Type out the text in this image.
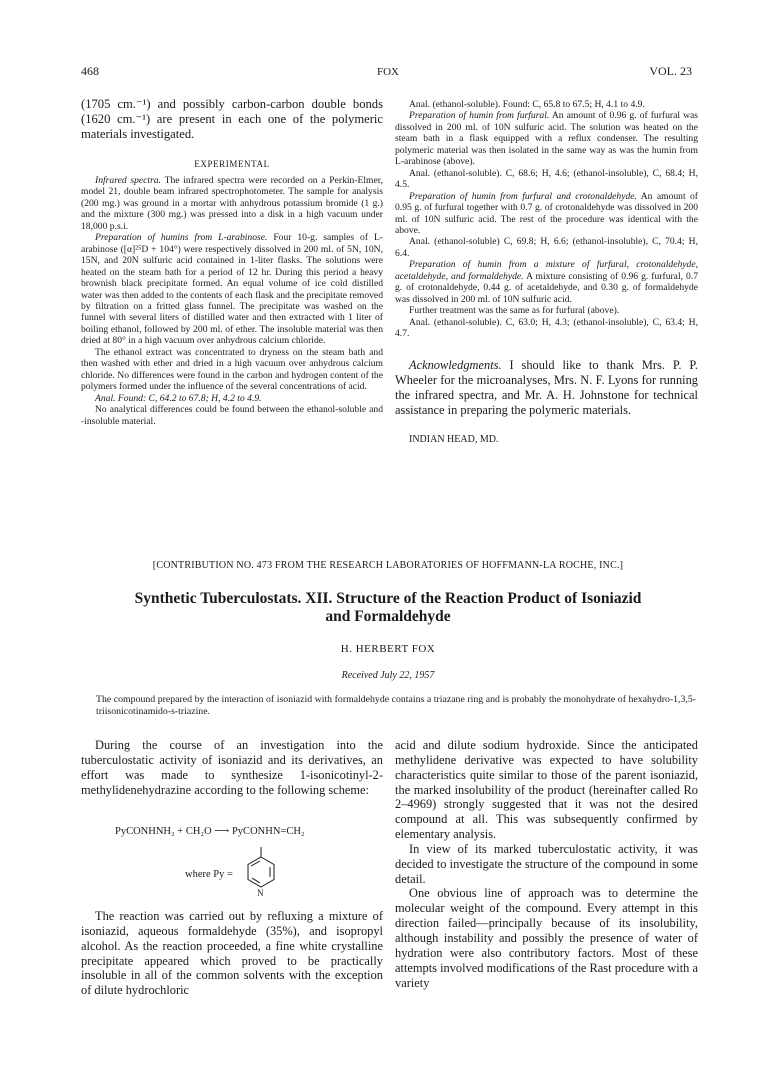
468	FOX	VOL. 23

(1705 cm.⁻¹) and possibly carbon-carbon double bonds (1620 cm.⁻¹) are present in each one of the polymeric materials investigated.

EXPERIMENTAL

Infrared spectra. The infrared spectra were recorded on a Perkin-Elmer, model 21, double beam infrared spectrophotometer. The sample for analysis (200 mg.) was ground in a mortar with anhydrous potassium bromide (1 g.) and the mixture (300 mg.) was pressed into a disk in a high vacuum under 18,000 p.s.i.

Preparation of humins from L-arabinose. Four 10-g. samples of L-arabinose ([α]²⁵D + 104°) were respectively dissolved in 200 ml. of 5N, 10N, 15N, and 20N sulfuric acid contained in 1-liter flasks. The solutions were heated on the steam bath for a period of 12 hr. During this period a heavy brownish black precipitate formed. An equal volume of ice cold distilled water was then added to the contents of each flask and the precipitate removed by filtration on a fritted glass funnel. The precipitate was washed on the funnel with several liters of distilled water and then extracted with 1 liter of boiling ethanol, followed by 200 ml. of ether. The insoluble material was then dried at 80° in a high vacuum over anhydrous calcium chloride.

The ethanol extract was concentrated to dryness on the steam bath and then washed with ether and dried in a high vacuum over anhydrous calcium chloride. No differences were found in the carbon and hydrogen content of the polymers formed under the influence of the several concentrations of acid.

Anal. Found: C, 64.2 to 67.8; H, 4.2 to 4.9.

No analytical differences could be found between the ethanol-soluble and -insoluble material.

Anal. (ethanol-soluble). Found: C, 65.8 to 67.5; H, 4.1 to 4.9.

Preparation of humin from furfural. An amount of 0.96 g. of furfural was dissolved in 200 ml. of 10N sulfuric acid. The solution was heated on the steam bath in a flask equipped with a reflux condenser. The resulting polymeric material was then isolated in the same way as was the humin from L-arabinose (above).

Anal. (ethanol-soluble). C, 68.6; H, 4.6; (ethanol-insoluble), C, 68.4; H, 4.5.

Preparation of humin from furfural and crotonaldehyde. An amount of 0.95 g. of furfural together with 0.7 g. of crotonaldehyde was dissolved in 200 ml. of 10N sulfuric acid. The rest of the procedure was identical with the above.

Anal. (ethanol-soluble) C, 69.8; H, 6.6; (ethanol-insoluble), C, 70.4; H, 6.4.

Preparation of humin from a mixture of furfural, crotonaldehyde, acetaldehyde, and formaldehyde. A mixture consisting of 0.96 g. furfural, 0.7 g. of crotonaldehyde, 0.44 g. of acetaldehyde, and 0.30 g. of formaldehyde was dissolved in 200 ml. of 10N sulfuric acid.

Further treatment was the same as for furfural (above).

Anal. (ethanol-soluble). C, 63.0; H, 4.3; (ethanol-insoluble), C, 63.4; H, 4.7.

Acknowledgments. I should like to thank Mrs. P. P. Wheeler for the microanalyses, Mrs. N. F. Lyons for running the infrared spectra, and Mr. A. H. Johnstone for technical assistance in preparing the polymeric materials.

INDIAN HEAD, MD.

[CONTRIBUTION NO. 473 FROM THE RESEARCH LABORATORIES OF HOFFMANN-LA ROCHE, INC.]
Synthetic Tuberculostats. XII. Structure of the Reaction Product of Isoniazid
and Formaldehyde
H. HERBERT FOX
Received July 22, 1957
The compound prepared by the interaction of isoniazid with formaldehyde contains a triazane ring and is probably the monohydrate of hexahydro-1,3,5-triisonicotinamido-s-triazine.

During the course of an investigation into the tuberculostatic activity of isoniazid and its derivatives, an effort was made to synthesize 1-isonicotinyl-2-methylidenehydrazine according to the following scheme:

PyCONHNH₂ + CH₂O ⟶ PyCONHN=CH₂
where Py =
N

The reaction was carried out by refluxing a mixture of isoniazid, aqueous formaldehyde (35%), and isopropyl alcohol. As the reaction proceeded, a fine white crystalline precipitate appeared which proved to be practically insoluble in all of the common solvents with the exception of dilute hydrochloric

acid and dilute sodium hydroxide. Since the anticipated methylidene derivative was expected to have solubility characteristics quite similar to those of the parent isoniazid, the marked insolubility of the product (hereinafter called Ro 2–4969) strongly suggested that it was not the desired compound at all. This was subsequently confirmed by elementary analysis.

In view of its marked tuberculostatic activity, it was decided to investigate the structure of the compound in some detail.

One obvious line of approach was to determine the molecular weight of the compound. Every attempt in this direction failed—principally because of its insolubility, although instability and possibly the presence of water of hydration were also contributory factors. Most of these attempts involved modifications of the Rast procedure with a variety
